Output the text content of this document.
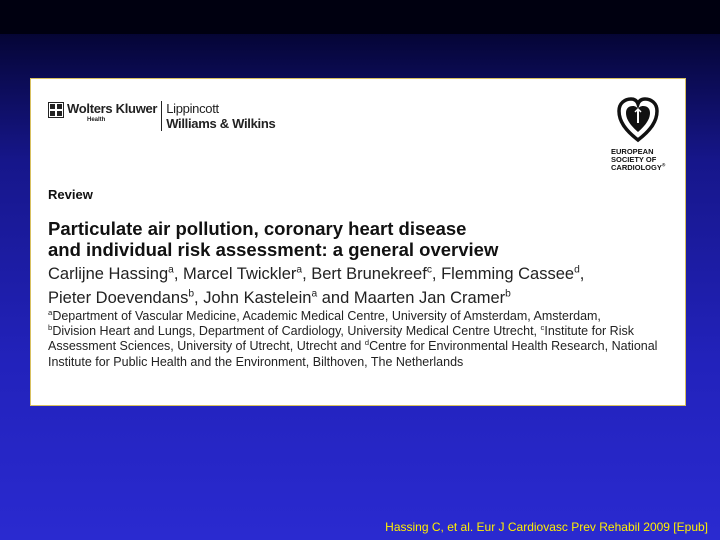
Wolters Kluwer
Health
Lippincott
Williams & Wilkins
EUROPEAN
SOCIETY OF
CARDIOLOGY®
Review
Particulate air pollution, coronary heart disease
and individual risk assessment: a general overview
Carlijne Hassing$^a$, Marcel Twickler$^a$, Bert Brunekreef$^c$, Flemming Cassee$^d$,
Pieter Doevendans$^b$, John Kastelein$^a$ and Maarten Jan Cramer$^b$
$^a$Department of Vascular Medicine, Academic Medical Centre, University of Amsterdam, Amsterdam,
$^b$Division Heart and Lungs, Department of Cardiology, University Medical Centre Utrecht, $^c$Institute for Risk Assessment Sciences, University of Utrecht, Utrecht and $^d$Centre for Environmental Health Research, National Institute for Public Health and the Environment, Bilthoven, The Netherlands
Hassing C, et al. Eur J Cardiovasc Prev Rehabil 2009 [Epub]
